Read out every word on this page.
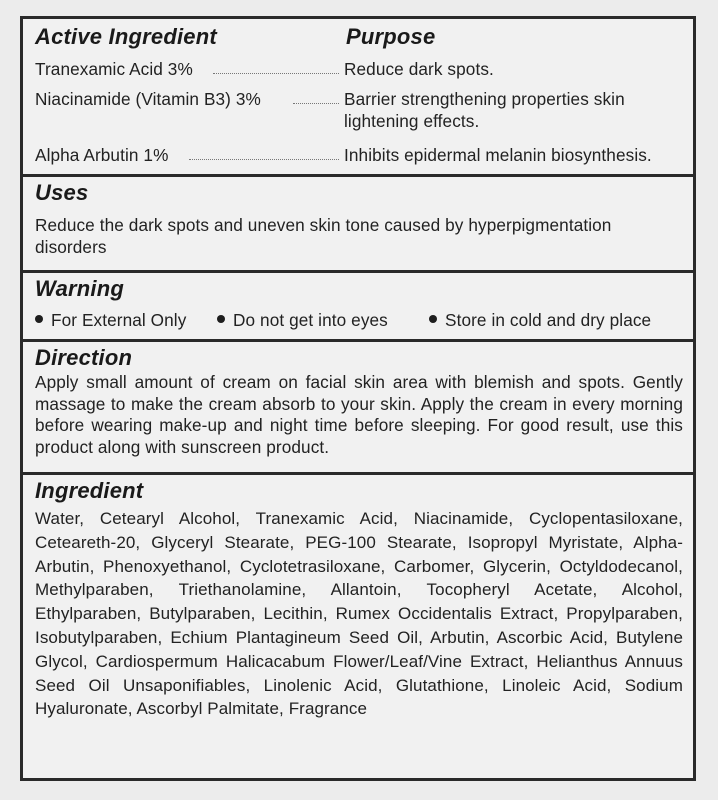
Active Ingredient	Purpose
Tranexamic Acid 3%	Reduce dark spots.
Niacinamide (Vitamin B3) 3%	Barrier strengthening properties skin lightening effects.
Alpha Arbutin 1%	Inhibits epidermal melanin biosynthesis.
Uses
Reduce the dark spots and uneven skin tone caused by hyperpigmentation disorders
Warning
For External Only	Do not get into eyes	Store in cold and dry place
Direction
Apply small amount of cream on facial skin area with blemish and spots. Gently massage to make the cream absorb to your skin. Apply the cream in every morning before wearing make-up and night time before sleeping. For good result, use this product along with sunscreen product.
Ingredient
Water, Cetearyl Alcohol, Tranexamic Acid, Niacinamide, Cyclopentasiloxane, Ceteareth-20, Glyceryl Stearate, PEG-100 Stearate, Isopropyl Myristate, Alpha-Arbutin, Phenoxyethanol, Cyclotetrasiloxane, Carbomer, Glycerin, Octyldodecanol, Methylparaben, Triethanolamine, Allantoin, Tocopheryl Acetate, Alcohol, Ethylparaben, Butylparaben, Lecithin, Rumex Occidentalis Extract, Propylparaben, Isobutylparaben, Echium Plantagineum Seed Oil, Arbutin, Ascorbic Acid, Butylene Glycol, Cardiospermum Halicacabum Flower/Leaf/Vine Extract, Helianthus Annuus Seed Oil Unsaponifiables, Linolenic Acid, Glutathione, Linoleic Acid, Sodium Hyaluronate, Ascorbyl Palmitate, Fragrance
